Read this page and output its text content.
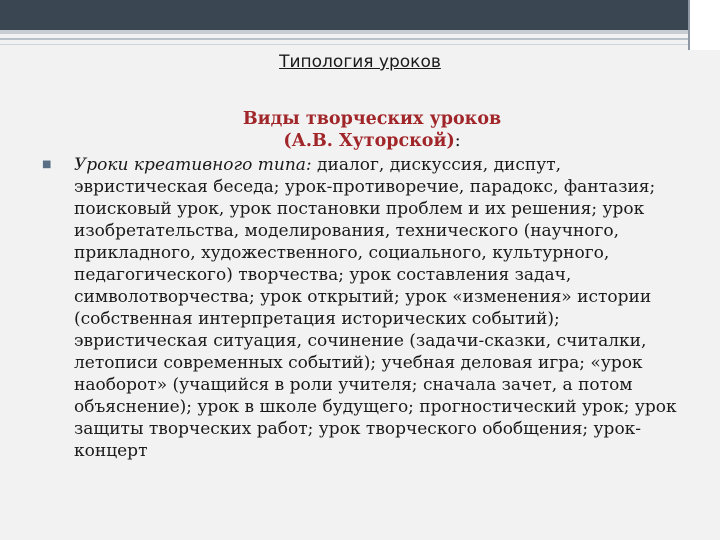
Типология уроков
Виды творческих уроков
(А.В. Хуторской):
■ Уроки креативного типа: диалог, дискуссия, диспут, эвристическая беседа; урок-противоречие, парадокс, фантазия; поисковый урок, урок постановки проблем и их решения; урок изобретательства, моделирования, технического (научного, прикладного, художественного, социального, культурного, педагогического) творчества; урок составления задач, символотворчества; урок открытий; урок «изменения» истории (собственная интерпретация исторических событий); эвристическая ситуация, сочинение (задачи-сказки, считалки, летописи современных событий); учебная деловая игра; «урок наоборот» (учащийся в роли учителя; сначала зачет, а потом объяснение); урок в школе будущего; прогностический урок; урок защиты творческих работ; урок творческого обобщения; урок-концерт
